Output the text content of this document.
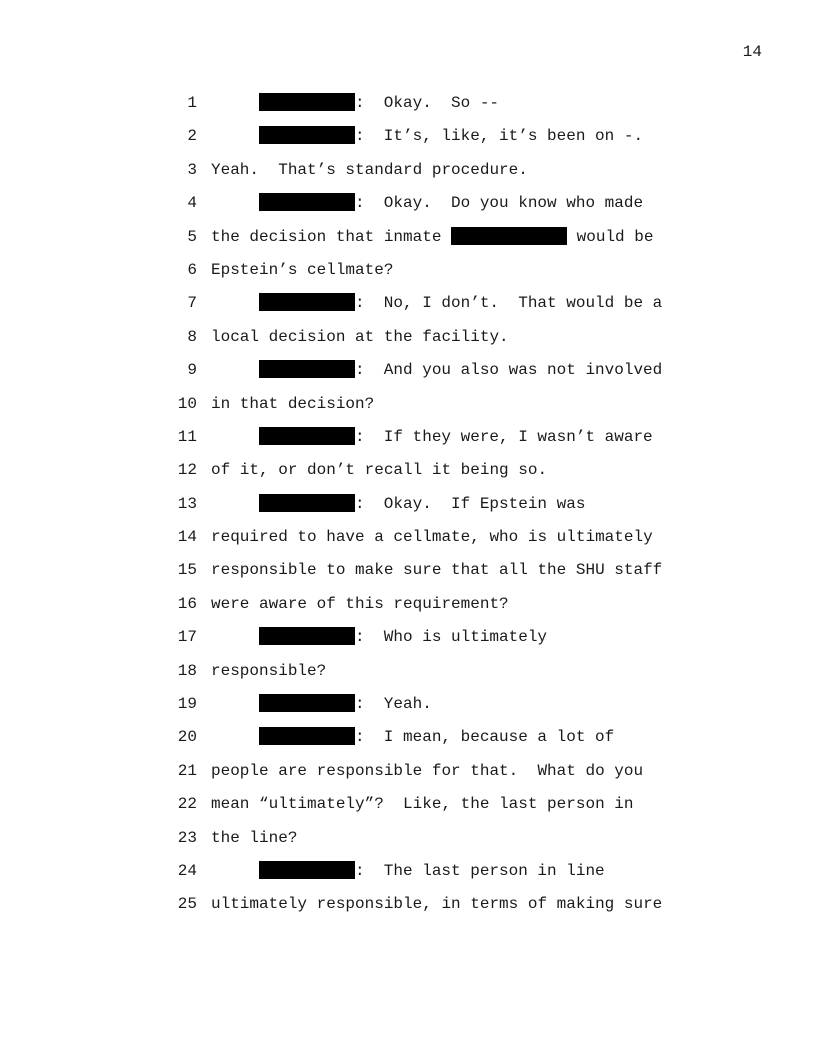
14
1	:  Okay.  So --
2	:  It’s, like, it’s been on -.
3 Yeah.  That’s standard procedure.
4	:  Okay.  Do you know who made
5 the decision that inmate	would be
6 Epstein’s cellmate?
7	:  No, I don’t.  That would be a
8 local decision at the facility.
9	:  And you also was not involved
10 in that decision?
11	:  If they were, I wasn’t aware
12 of it, or don’t recall it being so.
13	:  Okay.  If Epstein was
14 required to have a cellmate, who is ultimately
15 responsible to make sure that all the SHU staff
16 were aware of this requirement?
17	:  Who is ultimately
18 responsible?
19	:  Yeah.
20	:  I mean, because a lot of
21 people are responsible for that.  What do you
22 mean “ultimately”?  Like, the last person in
23 the line?
24	:  The last person in line
25 ultimately responsible, in terms of making sure
